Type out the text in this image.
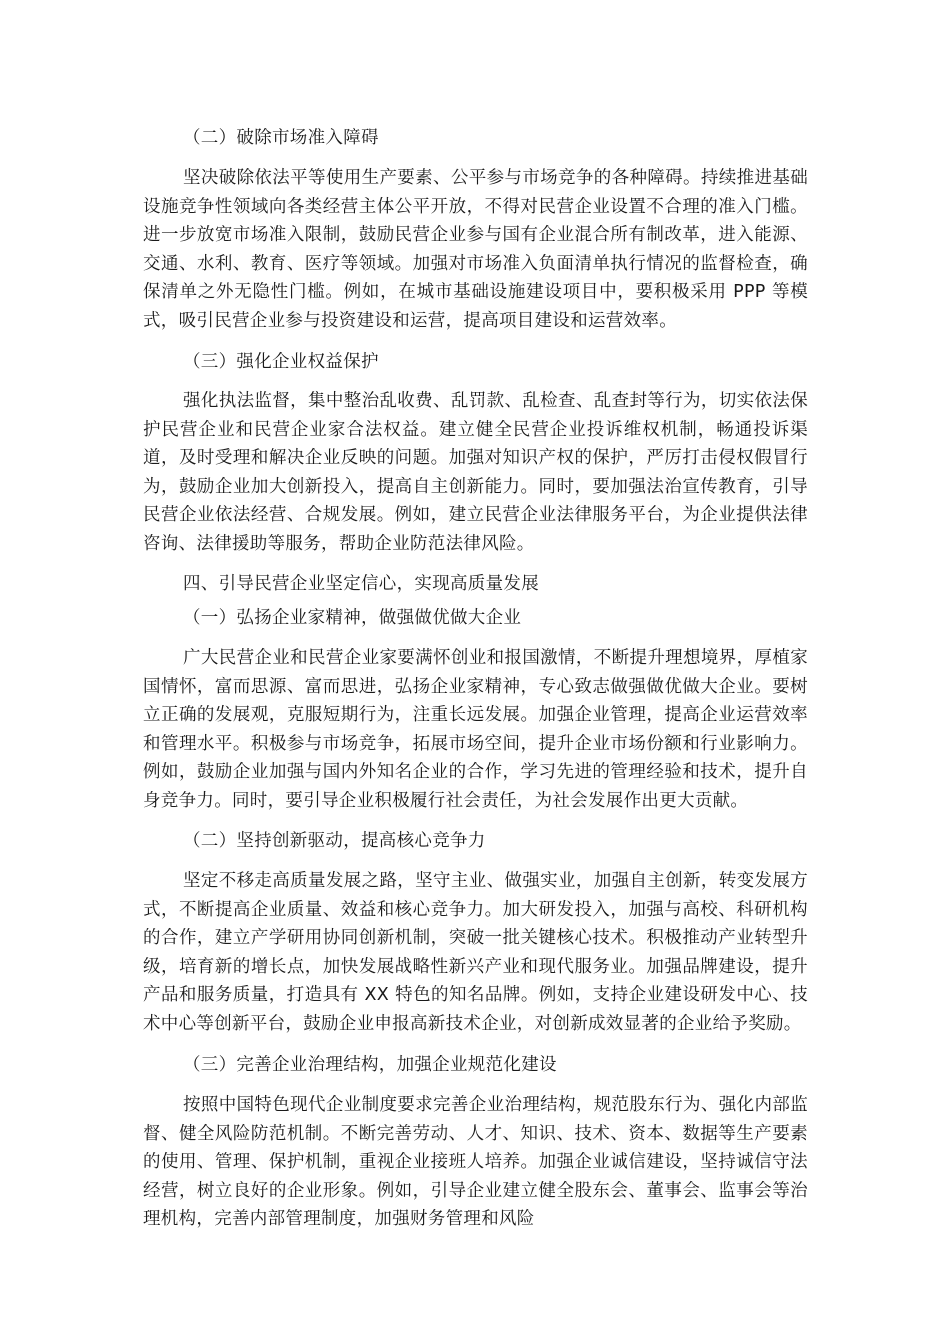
（二）破除市场准入障碍

坚决破除依法平等使用生产要素、公平参与市场竞争的各种障碍。持续推进基础设施竞争性领域向各类经营主体公平开放，不得对民营企业设置不合理的准入门槛。进一步放宽市场准入限制，鼓励民营企业参与国有企业混合所有制改革，进入能源、交通、水利、教育、医疗等领域。加强对市场准入负面清单执行情况的监督检查，确保清单之外无隐性门槛。例如，在城市基础设施建设项目中，要积极采用 PPP 等模式，吸引民营企业参与投资建设和运营，提高项目建设和运营效率。

（三）强化企业权益保护

强化执法监督，集中整治乱收费、乱罚款、乱检查、乱查封等行为，切实依法保护民营企业和民营企业家合法权益。建立健全民营企业投诉维权机制，畅通投诉渠道，及时受理和解决企业反映的问题。加强对知识产权的保护，严厉打击侵权假冒行为，鼓励企业加大创新投入，提高自主创新能力。同时，要加强法治宣传教育，引导民营企业依法经营、合规发展。例如，建立民营企业法律服务平台，为企业提供法律咨询、法律援助等服务，帮助企业防范法律风险。

四、引导民营企业坚定信心，实现高质量发展

（一）弘扬企业家精神，做强做优做大企业

广大民营企业和民营企业家要满怀创业和报国激情，不断提升理想境界，厚植家国情怀，富而思源、富而思进，弘扬企业家精神，专心致志做强做优做大企业。要树立正确的发展观，克服短期行为，注重长远发展。加强企业管理，提高企业运营效率和管理水平。积极参与市场竞争，拓展市场空间，提升企业市场份额和行业影响力。例如，鼓励企业加强与国内外知名企业的合作，学习先进的管理经验和技术，提升自身竞争力。同时，要引导企业积极履行社会责任，为社会发展作出更大贡献。

（二）坚持创新驱动，提高核心竞争力

坚定不移走高质量发展之路，坚守主业、做强实业，加强自主创新，转变发展方式，不断提高企业质量、效益和核心竞争力。加大研发投入，加强与高校、科研机构的合作，建立产学研用协同创新机制，突破一批关键核心技术。积极推动产业转型升级，培育新的增长点，加快发展战略性新兴产业和现代服务业。加强品牌建设，提升产品和服务质量，打造具有 XX 特色的知名品牌。例如，支持企业建设研发中心、技术中心等创新平台，鼓励企业申报高新技术企业，对创新成效显著的企业给予奖励。

（三）完善企业治理结构，加强企业规范化建设

按照中国特色现代企业制度要求完善企业治理结构，规范股东行为、强化内部监督、健全风险防范机制。不断完善劳动、人才、知识、技术、资本、数据等生产要素的使用、管理、保护机制，重视企业接班人培养。加强企业诚信建设，坚持诚信守法经营，树立良好的企业形象。例如，引导企业建立健全股东会、董事会、监事会等治理机构，完善内部管理制度，加强财务管理和风险
